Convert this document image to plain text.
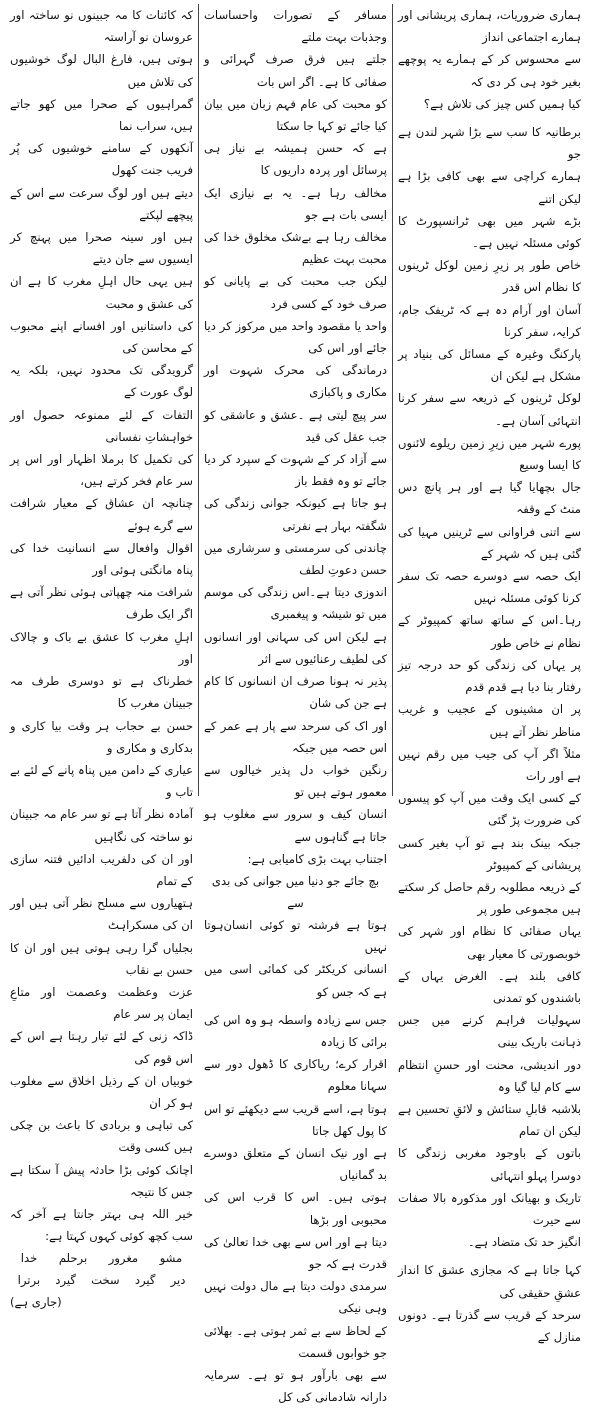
ہماری ضروریات، ہماری پریشانی اور ہمارے اجتماعی انداز

سے محسوس کر کے ہمارے یہ پوچھے بغیر خود ہی کر دی کہ

کیا ہمیں کس چیز کی تلاش ہے؟

برطانیہ کا سب سے بڑا شہر لندن ہے جو

ہمارے کراچی سے بھی کافی بڑا ہے لیکن اتنے

بڑے شہر میں بھی ٹرانسپورٹ کا کوئی مسئلہ نہیں ہے۔

خاص طور پر زیرِ زمین لوکل ٹرینوں کا نظام اس قدر

آسان اور آرام دہ ہے کہ ٹریفک جام، کرایہ، سفر کرنا

پارکنگ وغیرہ کے مسائل کی بنیاد پر مشکل ہے لیکن ان

لوکل ٹرینوں کے ذریعہ سے سفر کرنا انتہائی آسان ہے۔

پورے شہر میں زیرِ زمین ریلوے لائنوں کا ایسا وسیع

جال بچھایا گیا ہے اور ہر پانچ دس منٹ کے وقفہ

سے اتنی فراوانی سے ٹرینیں مہیا کی گئی ہیں کہ شہر کے

ایک حصہ سے دوسرے حصہ تک سفر کرنا کوئی مسئلہ نہیں

رہا۔اس کے ساتھ ساتھ کمپیوٹر کے نظام نے خاص طور

پر یہاں کی زندگی کو حد درجہ تیز رفتار بنا دیا ہے قدم قدم

پر ان مشینوں کے عجیب و غریب مناظر نظر آتے ہیں

مثلاً اگر آپ کی جیب میں رقم نہیں ہے اور رات

کے کسی ایک وقت میں آپ کو پیسوں کی ضرورت پڑ گئی

جبکہ بینک بند ہے تو آپ بغیر کسی پریشانی کے کمپیوٹر

کے ذریعہ مطلوبہ رقم حاصل کر سکتے ہیں مجموعی طور پر

یہاں صفائی کا نظام اور شہر کی خوبصورتی کا معیار بھی

کافی بلند ہے۔ الغرض یہاں کے باشندوں کو تمدنی

سہولیات فراہم کرنے میں جس ذہانت باریک بینی

دور اندیشی، محنت اور حسنِ انتظام سے کام لیا گیا وہ

بلاشبہ قابلِ ستائش و لائقِ تحسین ہے لیکن ان تمام

باتوں کے باوجود مغربی زندگی کا دوسرا پہلو انتہائی

تاریک و بھیانک اور مذکورہ بالا صفات سے حیرت

انگیز حد تک متضاد ہے۔

کہا جاتا ہے کہ مجازی عشق کا انداز عشقِ حقیقی کی

سرحد کے قریب سے گذرتا ہے۔ دونوں منازل کے

مسافر کے تصورات واحساسات وجذبات بہت ملتے

جلتے ہیں فرق صرف گہرائی و صفائی کا ہے۔ اگر اس بات

کو محبت کی عام فہم زبان میں بیان کیا جائے تو کہا جا سکتا

ہے کہ حسن ہمیشہ بے نیاز ہی پرسائل اور پردہ داریوں کا

مخالف رہا ہے۔ یہ بے نیازی ایک ایسی بات ہے جو

مخالف رہا ہے بےشک مخلوق خدا کی محبت بہت عظیم

لیکن جب محبت کی بے پایانی کو صرف خود کے کسی فرد

واحد یا مقصود واحد میں مرکوز کر دیا جائے اور اس کی

درماندگی کی محرک شہوت اور مکاری و پاکبازی

سر پیچ لیتی ہے ۔عشق و عاشقی کو جب عقل کی قید

سے آزاد کر کے شہوت کے سپرد کر دیا جائے تو وہ فقط باز

ہو جاتا ہے کیونکہ جوانی زندگی کی شگفتہ بہار ہے نفرتی

چاندنی کی سرمستی و سرشاری میں حسن دعوتِ لطف

اندوزی دیتا ہے۔اس زندگی کی موسم میں تو شیشہ و پیغمبری

ہے لیکن اس کی سہانی اور انسانوں کی لطیف رعنائیوں سے اثر

پذیر نہ ہونا صرف ان انسانوں کا کام ہے جن کی شان

اور اک کی سرحد سے پار ہے عمر کے اس حصہ میں جبکہ

رنگین خواب دل پذیر خیالوں سے معمور ہوتے ہیں تو

انسان کیف و سرور سے مغلوب ہو جاتا ہے گناہوں سے

اجتناب بہت بڑی کامیابی ہے:

بچ جائے جو دنیا میں جوانی کی بدی سے

ہوتا ہے فرشتہ تو کوئی انسان نہیں
ہوتا

انسانی کریکٹر کی کمائی اسی میں ہے کہ جس کو

جس سے زیادہ واسطہ ہو وہ اس کی برائی کا زیادہ

اقرار کرے؛ ریاکاری کا ڈھول دور سے سہانا معلوم

ہوتا ہے، اسے قریب سے دیکھئے تو اس کا پول کھل جاتا

ہے اور نیک انسان کے متعلق دوسرے بد گمانیاں

ہوتی ہیں۔ اس کا قرب اس کی محبوبی اور بڑھا

دیتا ہے اور اس سے بھی خدا تعالیٰ کی قدرت ہے کہ جو

سرمدی دولت دیتا ہے مال دولت نہیں وہی نیکی

کے لحاظ سے بے ثمر ہوتی ہے۔ بھلائی جو خوابوں قسمت

سے بھی بارآور ہو تو ہے۔ سرمایہ دارانہ شادمانی کی کل

کہ کائنات کا مہ جبینوں نو ساختہ اور عروسان نو آراستہ

ہوتی ہیں، فارغ البال لوگ خوشیوں کی تلاش میں

گمراہیوں کے صحرا میں کھو جاتے ہیں، سراب نما

آنکھوں کے سامنے خوشیوں کی پُر فریب جنت کھول

دیتے ہیں اور لوگ سرعت سے اس کے پیچھے لپکتے

ہیں اور سینہ صحرا میں پہنچ کر ایسیوں سے جان دیتے

ہیں یہی حال اہلِ مغرب کا ہے ان کی عشق و محبت

کی داستانیں اور افسانے اپنے محبوب کے محاسن کی

گرویدگی تک محدود نہیں، بلکہ یہ لوگ عورت کے

التفات کے لئے ممنوعہ حصول اور خواہشاتِ نفسانی

کی تکمیل کا برملا اظہار اور اس پر سر عام فخر کرتے ہیں،

چنانچہ ان عشاق کے معیار شرافت سے گرے ہوئے

اقوال وافعال سے انسانیت خدا کی پناہ مانگتی ہوئی اور

شرافت منہ چھپاتی ہوئی نظر آتی ہے اگر ایک طرف

اہلِ مغرب کا عشق بے باک و چالاک اور

خطرناک ہے تو دوسری طرف مہ جبینان مغرب کا

حسن بے حجاب ہر وقت بیا کاری و بدکاری و مکاری و

عیاری کے دامن میں پناہ پانے کے لئے بے تاب و

آمادہ نظر آتا ہے تو سر عام مہ جبینان نو ساختہ کی نگاہیں

اور ان کی دلفریب ادائیں فتنہ سازی کے تمام

ہتھیاروں سے مسلح نظر آتی ہیں اور ان کی مسکراہٹ

بجلیاں گرا رہی ہوتی ہیں اور ان کا حسن بے نقاب

عزت وعظمت وعصمت اور متاعِ ایمان پر سر عام

ڈاکہ زنی کے لئے تیار رہتا ہے اس کے اس قوم کی

خوبیاں ان کے رذیل اخلاق سے مغلوب ہو کر ان

کی تباہی و بربادی کا باعث بن چکی ہیں کسی وقت

اچانک کوئی بڑا حادثہ پیش آ سکتا ہے جس کا نتیجہ

خیر اللہ ہی بہتر جانتا ہے آخر کہ سب کچھ کوئی کہوں کہتا ہے:

مشو
مغرور
برحلم
خدا
دیر
گیرد
سخت
گیرد
برترا

(جاری ہے)
